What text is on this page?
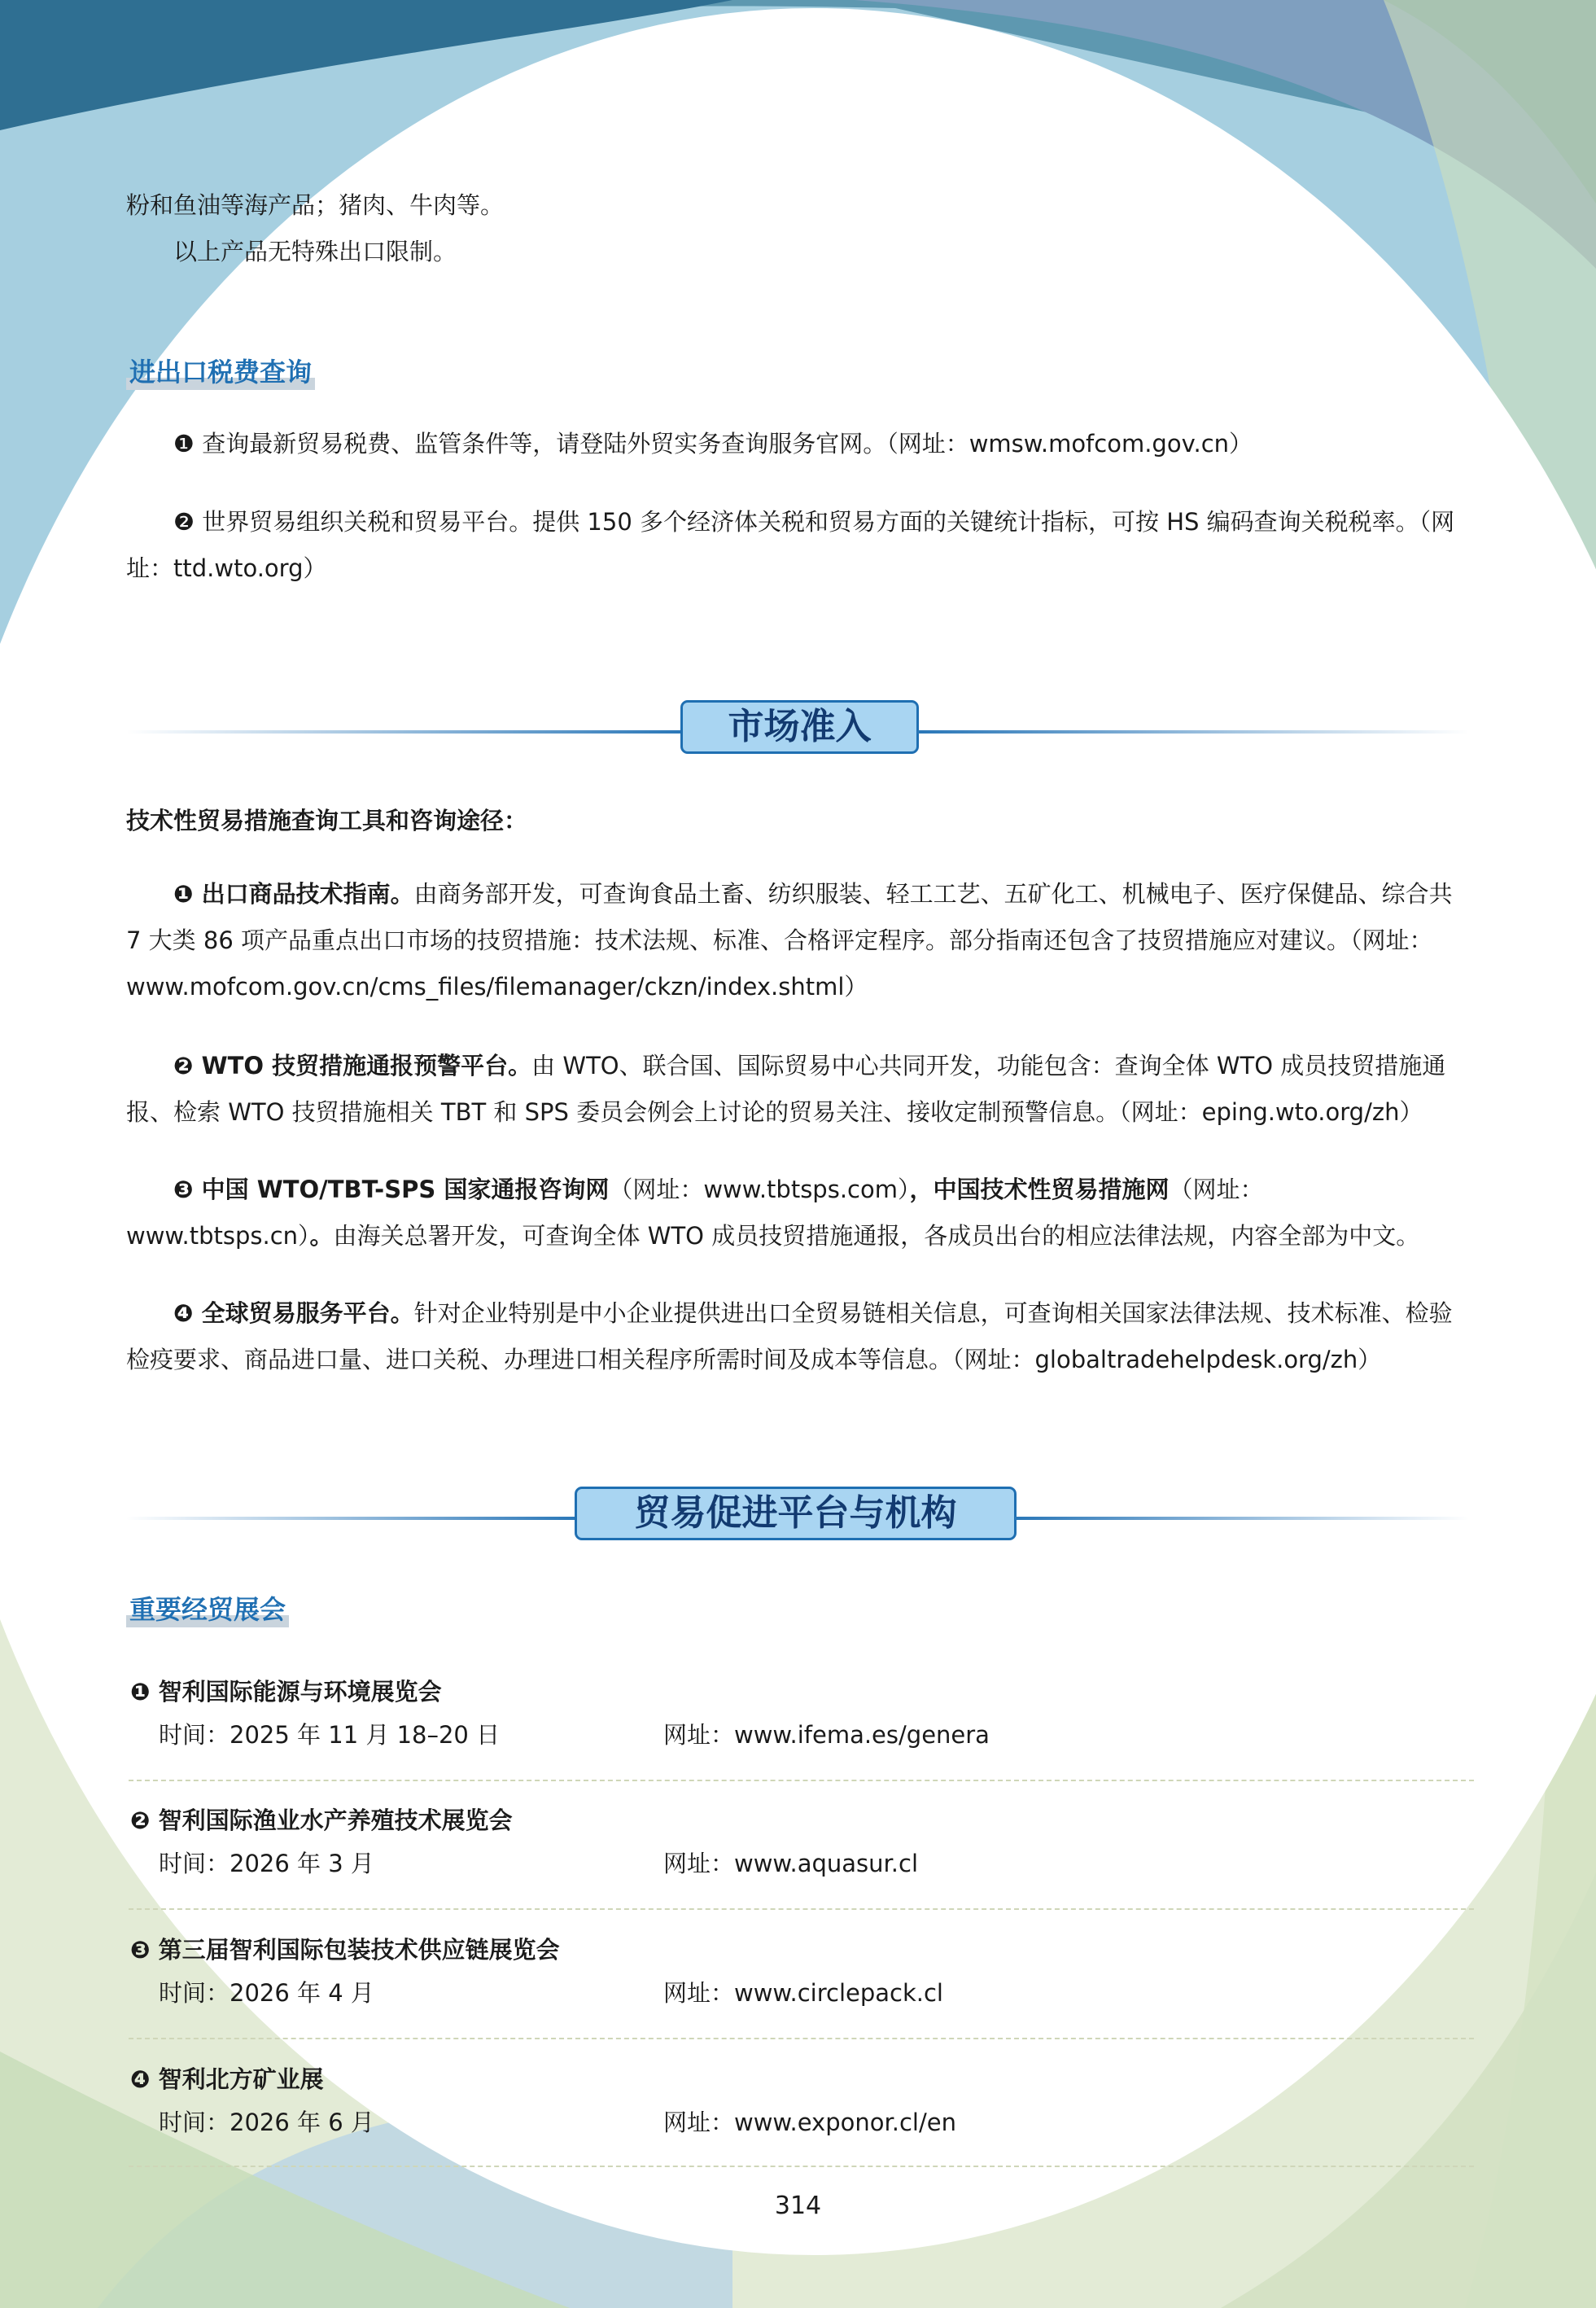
粉和鱼油等海产品；猪肉、牛肉等。

以上产品无特殊出口限制。

进出口税费查询

❶ 查询最新贸易税费、监管条件等，请登陆外贸实务查询服务官网。（网址：wmsw.mofcom.gov.cn）

❷ 世界贸易组织关税和贸易平台。提供 150 多个经济体关税和贸易方面的关键统计指标，可按 HS 编码查询关税税率。（网址：ttd.wto.org）

市场准入

技术性贸易措施查询工具和咨询途径：

❶ 出口商品技术指南。由商务部开发，可查询食品土畜、纺织服装、轻工工艺、五矿化工、机械电子、医疗保健品、综合共 7 大类 86 项产品重点出口市场的技贸措施：技术法规、标准、合格评定程序。部分指南还包含了技贸措施应对建议。（网址：www.mofcom.gov.cn/cms_files/filemanager/ckzn/index.shtml）

❷ WTO 技贸措施通报预警平台。由 WTO、联合国、国际贸易中心共同开发，功能包含：查询全体 WTO 成员技贸措施通报、检索 WTO 技贸措施相关 TBT 和 SPS 委员会例会上讨论的贸易关注、接收定制预警信息。（网址：eping.wto.org/zh）

❸ 中国 WTO/TBT-SPS 国家通报咨询网（网址：www.tbtsps.com），中国技术性贸易措施网（网址：www.tbtsps.cn）。由海关总署开发，可查询全体 WTO 成员技贸措施通报，各成员出台的相应法律法规，内容全部为中文。

❹ 全球贸易服务平台。针对企业特别是中小企业提供进出口全贸易链相关信息，可查询相关国家法律法规、技术标准、检验检疫要求、商品进口量、进口关税、办理进口相关程序所需时间及成本等信息。（网址：globaltradehelpdesk.org/zh）

贸易促进平台与机构
重要经贸展会
❶ 智利国际能源与环境展览会
时间：2025 年 11 月 18–20 日	网址：www.ifema.es/genera
❷ 智利国际渔业水产养殖技术展览会
时间：2026 年 3 月	网址：www.aquasur.cl
❸ 第三届智利国际包装技术供应链展览会
时间：2026 年 4 月	网址：www.circlepack.cl
❹ 智利北方矿业展
时间：2026 年 6 月	网址：www.exponor.cl/en
314
